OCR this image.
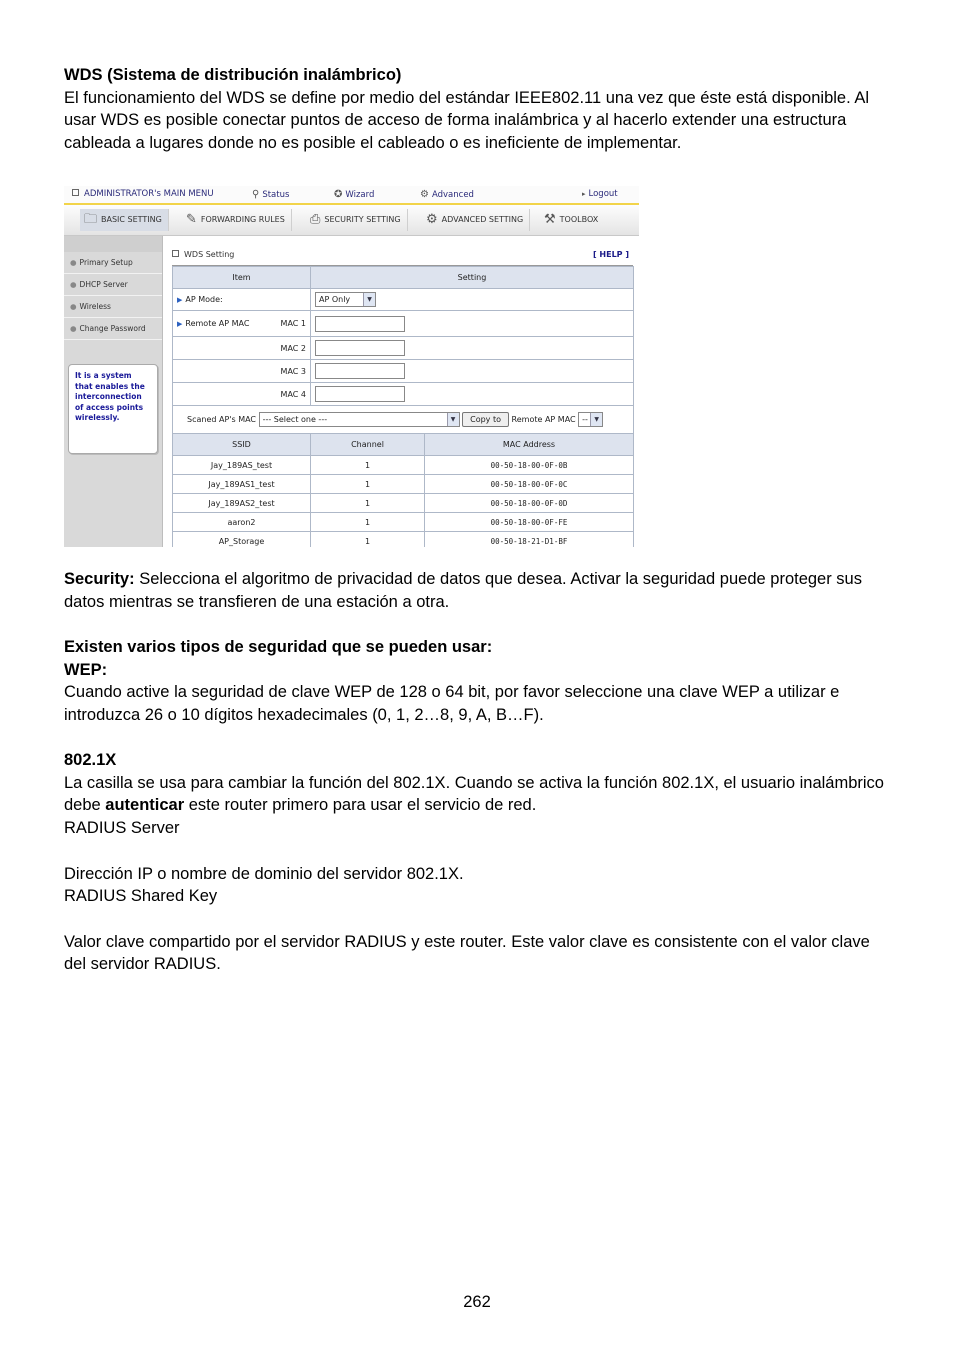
WDS (Sistema de distribución inalámbrico)

El funcionamiento del WDS se define por medio del estándar IEEE802.11 una vez que éste está disponible. Al usar WDS es posible conectar puntos de acceso de forma inalámbrica y al hacerlo extender una estructura cableada a lugares donde no es posible el cableado o es ineficiente de implementar.

ADMINISTRATOR's MAIN MENU	⚲ Status	✪ Wizard	⚙ Advanced	▸ Logout
🗀 BASIC SETTING	✎ FORWARDING RULES	⎙ SECURITY SETTING	⚙ ADVANCED SETTING	⚒ TOOLBOX
● Primary Setup
● DHCP Server
● Wireless
● Change Password
It is a system that enables the interconnection of access points wirelessly.
WDS Setting	[ HELP ]
Item	Setting	
▶ AP Mode:	AP Only ▼	

▶ Remote AP MAC MAC 1		

MAC 2		
MAC 3		
MAC 4		
Scaned AP's MAC --- Select one --- ▼ Copy to Remote AP MAC -- ▼		

SSID	Channel	MAC Address
Jay_189AS_test	1	00-50-18-00-0F-0B
Jay_189AS1_test	1	00-50-18-00-0F-0C
Jay_189AS2_test	1	00-50-18-00-0F-0D
aaron2	1	00-50-18-00-0F-FE
AP_Storage	1	00-50-18-21-D1-BF

Security: Selecciona el algoritmo de privacidad de datos que desea. Activar la seguridad puede proteger sus datos mientras se transfieren de una estación a otra.

Existen varios tipos de seguridad que se pueden usar:

WEP:

Cuando active la seguridad de clave WEP de 128 o 64 bit, por favor seleccione una clave WEP a utilizar e introduzca 26 o 10 dígitos hexadecimales (0, 1, 2…8, 9, A, B…F).

802.1X

La casilla se usa para cambiar la función del 802.1X. Cuando se activa la función 802.1X, el usuario inalámbrico debe autenticar este router primero para usar el servicio de red.

RADIUS Server

Dirección IP o nombre de dominio del servidor 802.1X.

RADIUS Shared Key

Valor clave compartido por el servidor RADIUS y este router. Este valor clave es consistente con el valor clave del servidor RADIUS.

262
